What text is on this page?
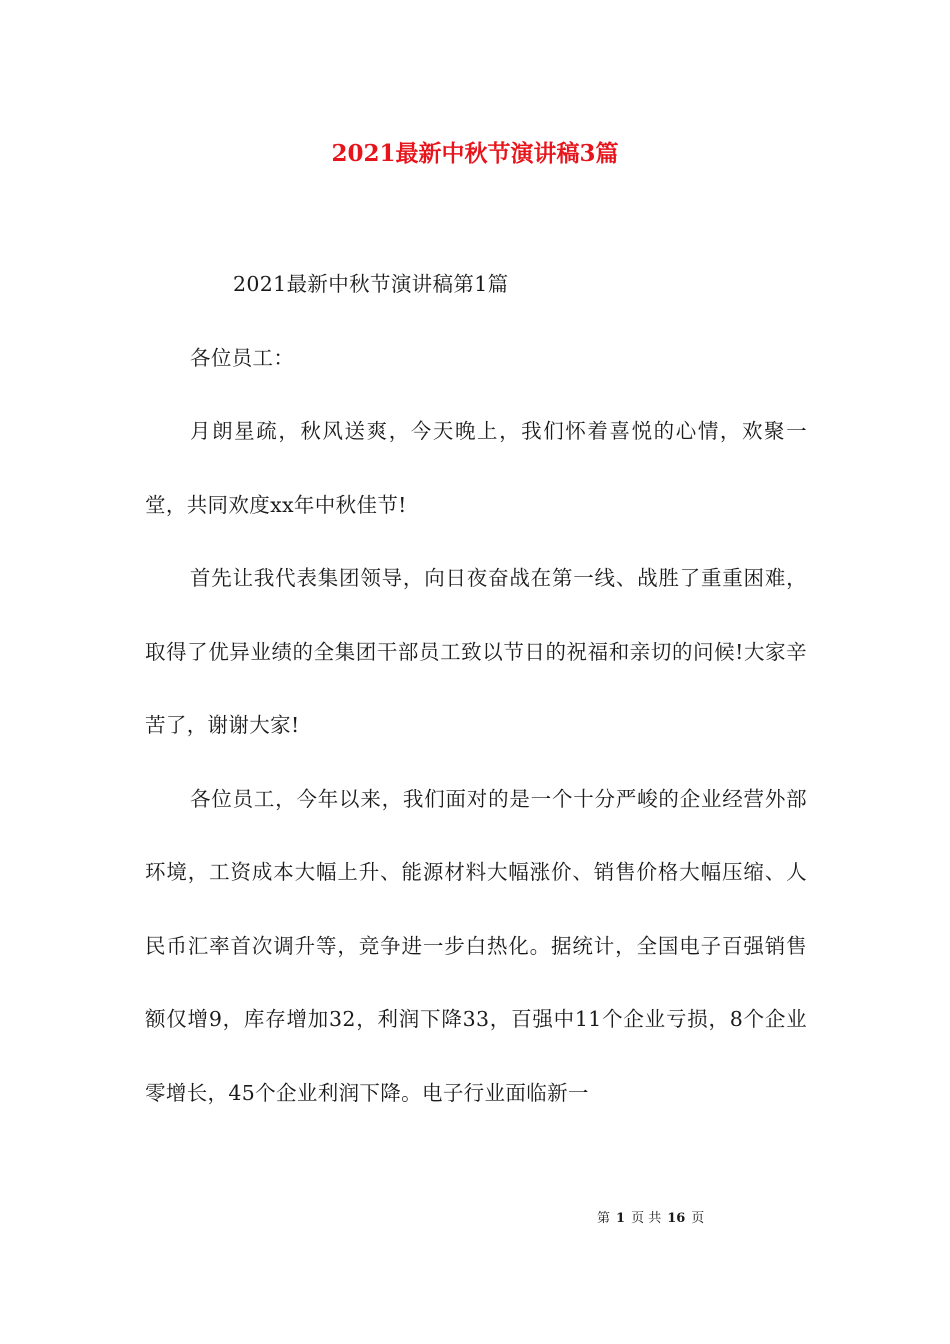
2021最新中秋节演讲稿3篇

2021最新中秋节演讲稿第1篇

各位员工：

月朗星疏，秋风送爽，今天晚上，我们怀着喜悦的心情，欢聚一堂，共同欢度xx年中秋佳节!

首先让我代表集团领导，向日夜奋战在第一线、战胜了重重困难，取得了优异业绩的全集团干部员工致以节日的祝福和亲切的问候!大家辛苦了，谢谢大家!

各位员工，今年以来，我们面对的是一个十分严峻的企业经营外部环境，工资成本大幅上升、能源材料大幅涨价、销售价格大幅压缩、人民币汇率首次调升等，竞争进一步白热化。据统计，全国电子百强销售额仅增9，库存增加32，利润下降33，百强中11个企业亏损，8个企业零增长，45个企业利润下降。电子行业面临新一

第 1 页 共 16 页
